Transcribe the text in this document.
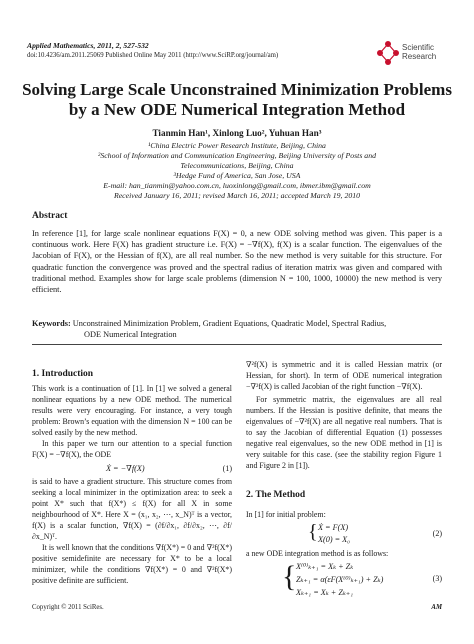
Applied Mathematics, 2011, 2, 527-532
doi:10.4236/am.2011.25069 Published Online May 2011 (http://www.SciRP.org/journal/am)
Scientific
Research
Solving Large Scale Unconstrained Minimization Problems
by a New ODE Numerical Integration Method
Tianmin Han¹, Xinlong Luo², Yuhuan Han³
¹China Electric Power Research Institute, Beijing, China
²School of Information and Communication Engineering, Beijing University of Posts and
Telecommunications, Beijing, China
³Hedge Fund of America, San Jose, USA
E-mail: han_tianmin@yahoo.com.cn, luoxinlong@gmail.com, ibmer.ibm@gmail.com
Received January 16, 2011; revised March 16, 2011; accepted March 19, 2010
Abstract

In reference [1], for large scale nonlinear equations F(X) = 0, a new ODE solving method was given. This paper is a continuous work. Here F(X) has gradient structure i.e. F(X) = −∇f(X), f(X) is a scalar function. The eigenvalues of the Jacobian of F(X), or the Hessian of f(X), are all real number. So the new method is very suitable for this structure. For quadratic function the convergence was proved and the spectral radius of iteration matrix was given and compared with traditional method. Examples show for large scale problems (dimension N = 100, 1000, 10000) the new method is very efficient.

Keywords: Unconstrained Minimization Problem, Gradient Equations, Quadratic Model, Spectral Radius,
ODE Numerical Integration
1. Introduction

This work is a continuation of [1]. In [1] we solved a general nonlinear equations by a new ODE method. The numerical results were very encouraging. For instance, a very tough problem: Brown’s equation with the dimension N = 100 can be solved easily by the new method.

In this paper we turn our attention to a special function F(X) = −∇f(X), the ODE

Ẋ = −∇f(X)	(1)

is said to have a gradient structure. This structure comes from seeking a local minimizer in the optimization area: to seek a point X* such that f(X*) ≤ f(X) for all X in some neighbourhood of X*. Here X = (x₁, x₂, ⋯, x_N)ᵀ is a vector, f(X) is a scalar function, ∇f(X) = (∂f/∂x₁, ∂f/∂x₂, ⋯, ∂f/∂x_N)ᵀ.

It is well known that the conditions ∇f(X*) = 0 and ∇²f(X*) positive semidefinite are necessary for X* to be a local minimizer, while the conditions ∇f(X*) = 0 and ∇²f(X*) positive definite are sufficient.

∇²f(X) is symmetric and it is called Hessian matrix (or Hessian, for short). In term of ODE numerical integration −∇²f(X) is called Jacobian of the right function −∇f(X).

For symmetric matrix, the eigenvalues are all real numbers. If the Hessian is positive definite, that means the eigenvalues of −∇²f(X) are all negative real numbers. That is to say the Jacobian of differential Equation (1) possesses negative real eigenvalues, so the new ODE method in [1] is very suitable for this case. (see the stability region Figure 1 and Figure 2 in [1]).

2. The Method

In [1] for initial problem:

{ Ẋ = F(X)
X(0) = X₀
(2)

a new ODE integration method is as follows:

{ X⁽⁰⁾ₖ₊₁ = Xₖ + Zₖ
Zₖ₊₁ = α(εF(X⁽⁰⁾ₖ₊₁) + Zₖ)
Xₖ₊₁ = Xₖ + Zₖ₊₁
(3)
Copyright © 2011 SciRes.	AM
